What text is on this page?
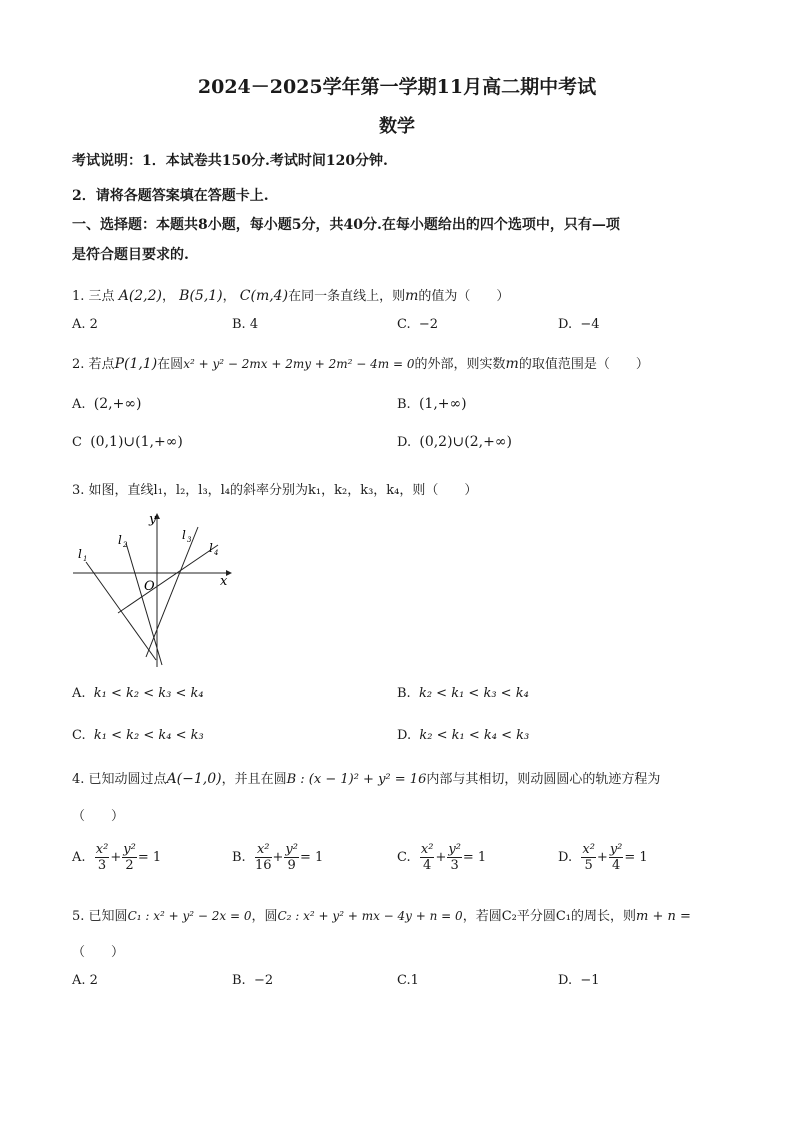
2024－2025学年第一学期11月高二期中考试
数学
考试说明：1．本试卷共150分.考试时间120分钟.
2．请将各题答案填在答题卡上.
一、选择题：本题共8小题，每小题5分，共40分.在每小题给出的四个选项中，只有—项
是符合题目要求的.
1. 三点 A(2,2)， B(5,1)， C(m,4)在同一条直线上，则m的值为（　　）
A. 2	B. 4	C. −2	D. −4
2. 若点P(1,1)在圆x² + y² − 2mx + 2my + 2m² − 4m = 0的外部，则实数m的取值范围是（　　）
A. (2,+∞)	B. (1,+∞)
C (0,1)∪(1,+∞)	D. (0,2)∪(2,+∞)
3. 如图，直线l₁，l₂，l₃，l₄的斜率分别为k₁，k₂，k₃，k₄，则（　　）
y
x
O
l 1
l 2
l 3
l 4
A. k₁ < k₂ < k₃ < k₄	B. k₂ < k₁ < k₃ < k₄
C. k₁ < k₂ < k₄ < k₃	D. k₂ < k₁ < k₄ < k₃
4. 已知动圆过点A(−1,0)，并且在圆B : (x − 1)² + y² = 16内部与其相切，则动圆圆心的轨迹方程为
（　　）
A. $\frac{\text{x²}}{3} + \frac{\text{y²}}{2} = 1$	B. $\frac{\text{x²}}{16} + \frac{\text{y²}}{9} = 1$	C. $\frac{\text{x²}}{4} + \frac{\text{y²}}{3} = 1$	D. $\frac{\text{x²}}{5} + \frac{\text{y²}}{4} = 1$
5. 已知圆C₁ : x² + y² − 2x = 0，圆C₂ : x² + y² + mx − 4y + n = 0，若圆C₂平分圆C₁的周长，则m + n =
（　　）
A. 2	B. −2	C.1	D. −1
